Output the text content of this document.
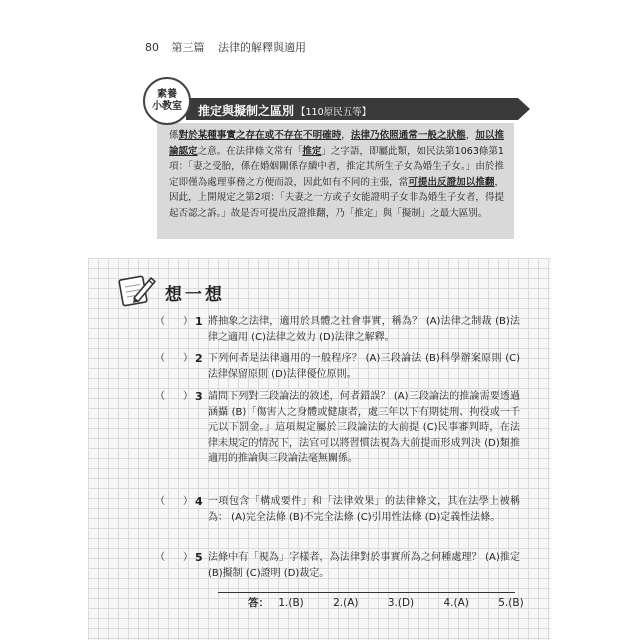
80 第三篇 法律的解釋與適用
素養
小教室 推定與擬制之區別 【110原民五等】
係對於某種事實之存在或不存在不明確時，法律乃依照通常一般之狀態，加以推論認定之意。在法律條文常有「推定」之字語，即屬此類，如民法第1063條第1項：「妻之受胎，係在婚姻關係存續中者，推定其所生子女為婚生子女。」由於推定即僅為處理事務之方便而設，因此如有不同的主張，當可提出反證加以推翻，因此，上開規定之第2項：「夫妻之一方或子女能證明子女非為婚生子女者，得提起否認之訴。」故是否可提出反證推翻，乃「推定」與「擬制」之最大區別。
想一想
（ ） 1 將抽象之法律，適用於具體之社會事實，稱為？ (A)法律之制裁 (B)法律之適用 (C)法律之效力 (D)法律之解釋。
（ ） 2 下列何者是法律適用的一般程序？ (A)三段論法 (B)科學辦案原則 (C)法律保留原則 (D)法律優位原則。
（ ） 3 請問下列對三段論法的敘述，何者錯誤？ (A)三段論法的推論需要透過涵攝 (B)「傷害人之身體或健康者，處三年以下有期徒刑、拘役或一千元以下罰金。」這項規定屬於三段論法的大前提 (C)民事審判時，在法律未規定的情況下，法官可以將習慣法視為大前提而形成判決 (D)類推適用的推論與三段論法毫無關係。
（ ） 4 一項包含「構成要件」和「法律效果」的法律條文，其在法學上被稱為： (A)完全法條 (B)不完全法條 (C)引用性法條 (D)定義性法條。
（ ） 5 法條中有「視為」字樣者，為法律對於事實所為之何種處理？ (A)推定 (B)擬制 (C)證明 (D)裁定。
答： 1.(B)	2.(A)	3.(D)	4.(A)	5.(B)
